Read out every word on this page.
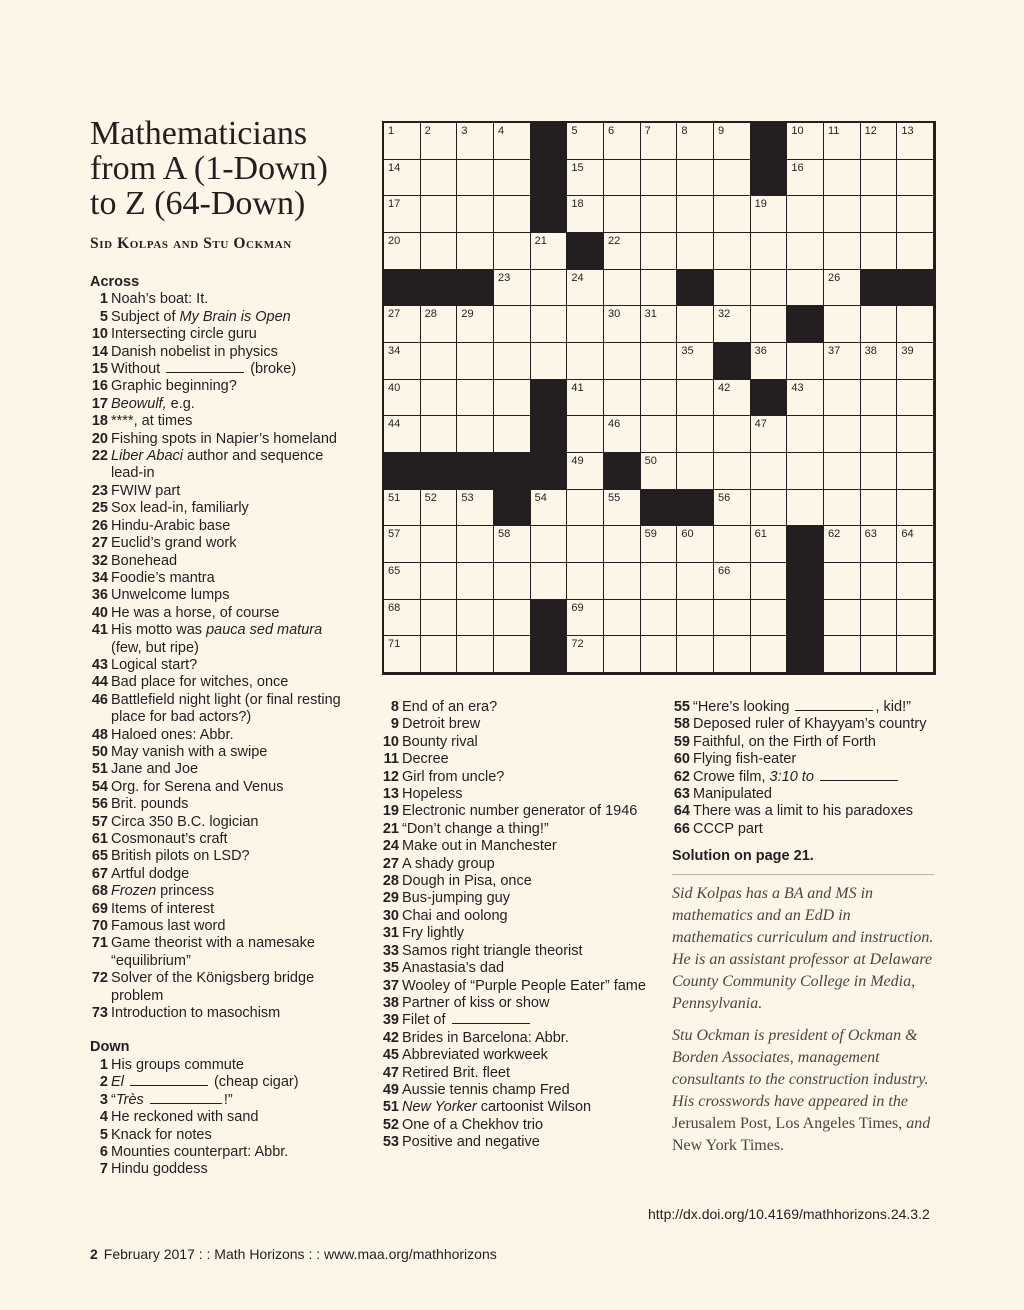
Mathematicians
from A (1-Down)
to Z (64-Down)
Sid Kolpas and Stu Ockman
Across
1 Noah’s boat: It.
5 Subject of My Brain is Open
10 Intersecting circle guru
14 Danish nobelist in physics
15 Without	(broke)
16 Graphic beginning?
17 Beowulf, e.g.
18 ****, at times
20 Fishing spots in Napier’s homeland
22 Liber Abaci author and sequence lead-in
23 FWIW part
25 Sox lead-in, familiarly
26 Hindu-Arabic base
27 Euclid’s grand work
32 Bonehead
34 Foodie’s mantra
36 Unwelcome lumps
40 He was a horse, of course
41 His motto was pauca sed matura (few, but ripe)
43 Logical start?
44 Bad place for witches, once
46 Battlefield night light (or final resting place for bad actors?)
48 Haloed ones: Abbr.
50 May vanish with a swipe
51 Jane and Joe
54 Org. for Serena and Venus
56 Brit. pounds
57 Circa 350 B.C. logician
61 Cosmonaut’s craft
65 British pilots on LSD?
67 Artful dodge
68 Frozen princess
69 Items of interest
70 Famous last word
71 Game theorist with a namesake “equilibrium”
72 Solver of the Königsberg bridge problem
73 Introduction to masochism
Down
1 His groups commute
2 El	(cheap cigar)
3 “Très	!”
4 He reckoned with sand
5 Knack for notes
6 Mounties counterpart: Abbr.
7 Hindu goddess
8 End of an era?
9 Detroit brew
10 Bounty rival
11 Decree
12 Girl from uncle?
13 Hopeless
19 Electronic number generator of 1946
21 “Don’t change a thing!”
24 Make out in Manchester
27 A shady group
28 Dough in Pisa, once
29 Bus-jumping guy
30 Chai and oolong
31 Fry lightly
33 Samos right triangle theorist
35 Anastasia’s dad
37 Wooley of “Purple People Eater” fame
38 Partner of kiss or show
39 Filet of
42 Brides in Barcelona: Abbr.
45 Abbreviated workweek
47 Retired Brit. fleet
49 Aussie tennis champ Fred
51 New Yorker cartoonist Wilson
52 One of a Chekhov trio
53 Positive and negative
55 “Here’s looking	, kid!”
58 Deposed ruler of Khayyam’s country
59 Faithful, on the Firth of Forth
60 Flying fish-eater
62 Crowe film, 3:10 to
63 Manipulated
64 There was a limit to his paradoxes
66 CCCP part
Solution on page 21.
Sid Kolpas has a BA and MS in mathematics and an EdD in mathematics curriculum and instruction. He is an assistant professor at Delaware County Community College in Media, Pennsylvania.
Stu Ockman is president of Ockman & Borden Associates, management consultants to the construction industry. His crosswords have appeared in the Jerusalem Post, Los Angeles Times, and New York Times.
1	2	3	4	5	6	7	8	9	10 11 12 13
14	15	16
17	18	19
20	21	22
23	24	25	26
27 28 29	30 31	32	33
34	35	36	37 38 39
40	41	42	43
44	45	46	47
48	49	50
51 52 53	54	55	56
57	58	59 60	61	62 63 64
65	66	67
68	69	70
71	72	73
http://dx.doi.org/10.4169/mathhorizons.24.3.2
2 February 2017 : : Math Horizons : : www.maa.org/mathhorizons
